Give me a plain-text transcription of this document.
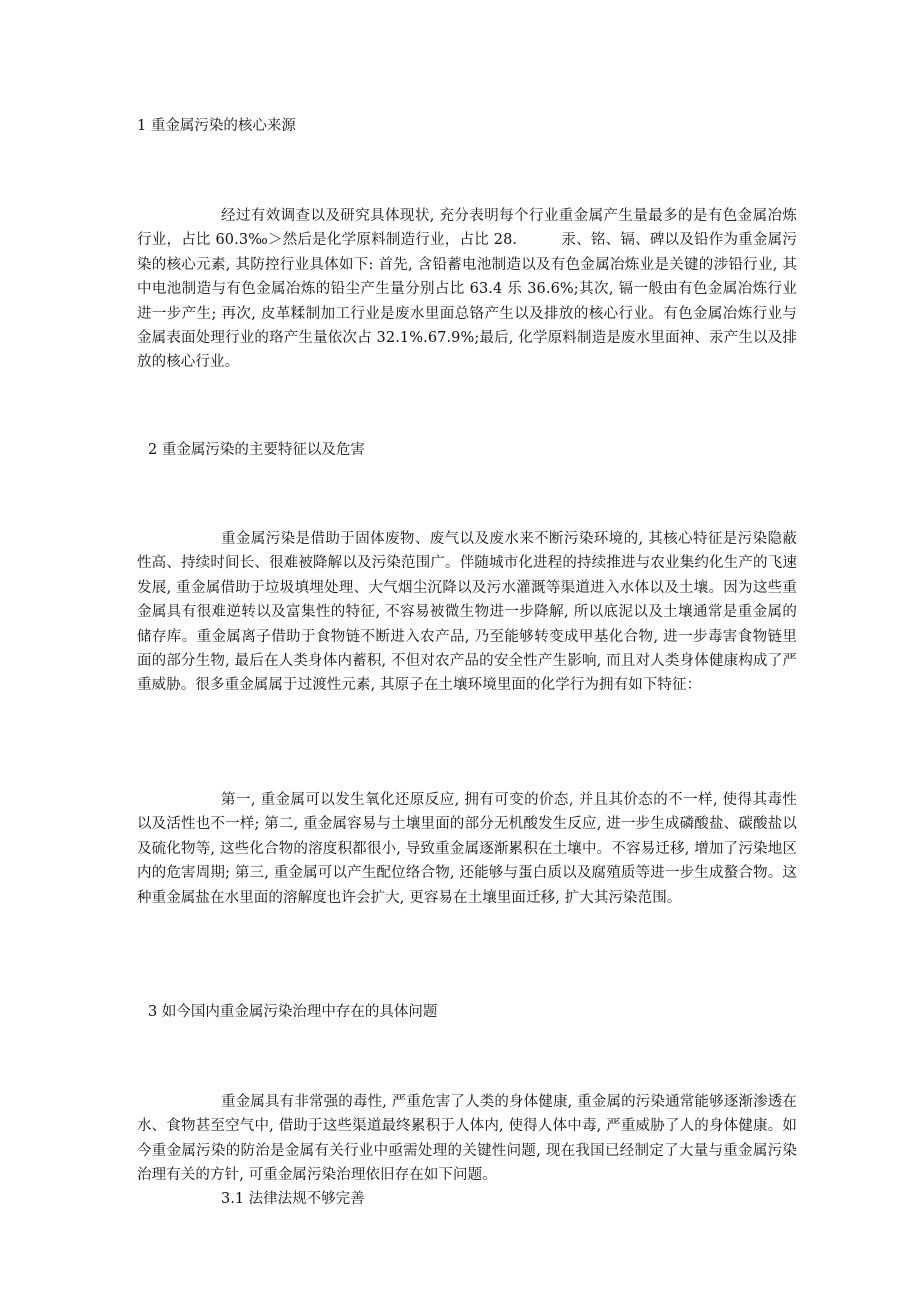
1 重金属污染的核心来源
经过有效调查以及研究具体现状, 充分表明每个行业重金属产生量最多的是有色金属冶炼行业，占比 60.3‰＞然后是化学原料制造行业，占比 28.　　　汞、铭、镉、碑以及铅作为重金属污染的核心元素, 其防控行业具体如下: 首先, 含铅蓄电池制造以及有色金属冶炼业是关键的涉铅行业, 其中电池制造与有色金属冶炼的铅尘产生量分别占比 63.4 乐 36.6%;其次, 镉一般由有色金属冶炼行业进一步产生; 再次, 皮革糅制加工行业是废水里面总铬产生以及排放的核心行业。有色金属冶炼行业与金属表面处理行业的珞产生量依次占 32.1%.67.9%;最后, 化学原料制造是废水里面神、汞产生以及排放的核心行业。
2 重金属污染的主要特征以及危害
重金属污染是借助于固体废物、废气以及废水来不断污染环境的, 其核心特征是污染隐蔽性高、持续时间长、很难被降解以及污染范围广。伴随城市化进程的持续推进与农业集约化生产的飞速发展, 重金属借助于垃圾填埋处理、大气烟尘沉降以及污水灌溉等渠道进入水体以及土壤。因为这些重金属具有很难逆转以及富集性的特征, 不容易被微生物进一步降解, 所以底泥以及土壤通常是重金属的储存库。重金属离子借助于食物链不断进入农产品, 乃至能够转变成甲基化合物, 进一步毒害食物链里面的部分生物, 最后在人类身体内蓄积, 不但对农产品的安全性产生影响, 而且对人类身体健康构成了严重威胁。很多重金属属于过渡性元素, 其原子在土壤环境里面的化学行为拥有如下特征：
第一, 重金属可以发生氧化还原反应, 拥有可变的价态, 并且其价态的不一样, 使得其毒性以及活性也不一样; 第二, 重金属容易与土壤里面的部分无机酸发生反应, 进一步生成磷酸盐、碳酸盐以及硫化物等, 这些化合物的溶度积都很小, 导致重金属逐渐累积在土壤中。不容易迁移, 增加了污染地区内的危害周期; 第三, 重金属可以产生配位络合物, 还能够与蛋白质以及腐殖质等进一步生成螯合物。这种重金属盐在水里面的溶解度也许会扩大, 更容易在土壤里面迁移, 扩大其污染范围。
3 如今国内重金属污染治理中存在的具体问题
重金属具有非常强的毒性, 严重危害了人类的身体健康, 重金属的污染通常能够逐渐渗透在水、食物甚至空气中, 借助于这些渠道最终累积于人体内, 使得人体中毒, 严重威胁了人的身体健康。如今重金属污染的防治是金属有关行业中亟需处理的关键性问题, 现在我国已经制定了大量与重金属污染治理有关的方针, 可重金属污染治理依旧存在如下问题。
3.1 法律法规不够完善
